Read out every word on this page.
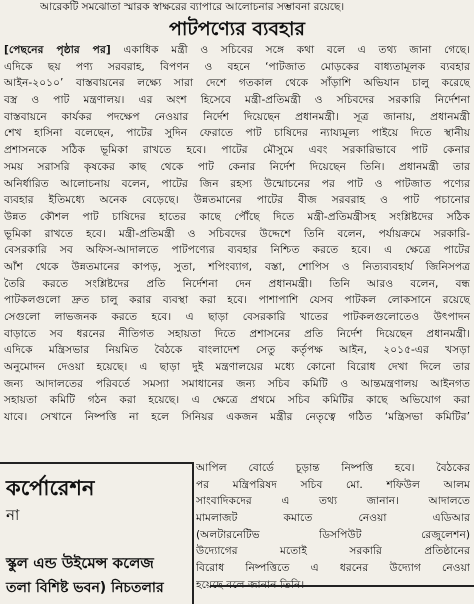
আরেকটি সমঝোতা স্মারক স্বাক্ষরের ব্যাপারে আলোচনার সম্ভাবনা রয়েছে।
পাটপণ্যের ব্যবহার
[পেছনের পৃষ্ঠার পর] একাধিক মন্ত্রী ও সচিবের সঙ্গে কথা বলে এ তথ্য জানা গেছে।
এদিকে ছয় পণ্য সরবরাহ, বিপণন ও বহনে ‘পাটজাত মোড়কের বাধ্যতামূলক ব্যবহার
আইন-২০১০’ বাস্তবায়নের লক্ষ্যে সারা দেশে গতকাল থেকে সাঁড়াশি অভিযান চালু করেছে
বস্ত্র ও পাট মন্ত্রণালয়। এর অংশ হিসেবে মন্ত্রী-প্রতিমন্ত্রী ও সচিবদের সরকারি নির্দেশনা
বাস্তবায়নে কার্যকর পদক্ষেপ নেওয়ার নির্দেশ দিয়েছেন প্রধানমন্ত্রী। সূত্র জানায়, প্রধানমন্ত্রী
শেখ হাসিনা বলেছেন, পাটের সুদিন ফেরাতে পাট চাষিদের ন্যায্যমূল্য পাইয়ে দিতে স্থানীয়
প্রশাসনকে সঠিক ভূমিকা রাখতে হবে। পাটের মৌসুমে এবং সরকারিভাবে পাট কেনার
সময় সরাসরি কৃষকের কাছ থেকে পাট কেনার নির্দেশ দিয়েছেন তিনি। প্রধানমন্ত্রী তার
অনির্ধারিত আলোচনায় বলেন, পাটের জিন রহস্য উন্মোচনের পর পাট ও পাটজাত পণ্যের
ব্যবহার ইতিমধ্যে অনেক বেড়েছে। উন্নতমানের পাটের বীজ সরবরাহ ও পাট পচানোর
উন্নত কৌশল পাট চাষিদের হাতের কাছে পৌঁছে দিতে মন্ত্রী-প্রতিমন্ত্রীসহ সংশ্লিষ্টদের সঠিক
ভূমিকা রাখতে হবে। মন্ত্রী-প্রতিমন্ত্রী ও সচিবদের উদ্দেশে তিনি বলেন, পর্যায়ক্রমে সরকারি-
বেসরকারি সব অফিস-আদালতে পাটপণ্যের ব্যবহার নিশ্চিত করতে হবে। এ ক্ষেত্রে পাটের
আঁশ থেকে উন্নতমানের কাপড়, সুতা, শপিংব্যাগ, বস্তা, শোপিস ও নিত্যব্যবহার্য জিনিসপত্র
তৈরি করতে সংশ্লিষ্টদের প্রতি নির্দেশনা দেন প্রধানমন্ত্রী। তিনি আরও বলেন, বন্ধ
পাটকলগুলো দ্রুত চালু করার ব্যবস্থা করা হবে। পাশাপাশি যেসব পাটকল লোকসানে রয়েছে
সেগুলো লাভজনক করতে হবে। এ ছাড়া বেসরকারি খাতের পাটকলগুলোতেও উৎপাদন
বাড়াতে সব ধরনের নীতিগত সহায়তা দিতে প্রশাসনের প্রতি নির্দেশ দিয়েছেন প্রধানমন্ত্রী।
এদিকে মন্ত্রিসভার নিয়মিত বৈঠকে বাংলাদেশ সেতু কর্তৃপক্ষ আইন, ২০১৫-এর খসড়া
অনুমোদন দেওয়া হয়েছে। এ ছাড়া দুই মন্ত্রণালয়ের মধ্যে কোনো বিরোধ দেখা দিলে তার
জন্য আদালতের পরিবর্তে সমস্যা সমাধানের জন্য সচিব কমিটি ও আন্তমন্ত্রণালয় আইনগত
সহায়তা কমিটি গঠন করা হয়েছে। এ ক্ষেত্রে প্রথমে সচিব কমিটির কাছে অভিযোগ করা
যাবে। সেখানে নিষ্পত্তি না হলে সিনিয়র একজন মন্ত্রীর নেতৃত্বে গঠিত ‘মন্ত্রিসভা কমিটির’
আপিল বোর্ডে চূড়ান্ত নিষ্পত্তি হবে। বৈঠকের
পর মন্ত্রিপরিষদ সচিব মো. শফিউল আলম
সাংবাদিকদের এ তথ্য জানান। আদালতে
মামলাজট কমাতে নেওয়া এডিআর
(অলটারনেটিভ ডিসপিউট রেজুলেশন)
উদ্যোগের মতোই সরকারি প্রতিষ্ঠানের
বিরোধ নিষ্পত্তিতে এ ধরনের উদ্যোগ নেওয়া
হয়েছে বলে জানান তিনি।
কর্পোরেশন
না
স্কুল এন্ড উইমেন্স কলেজ
তলা বিশিষ্ট ভবন) নিচতলার
